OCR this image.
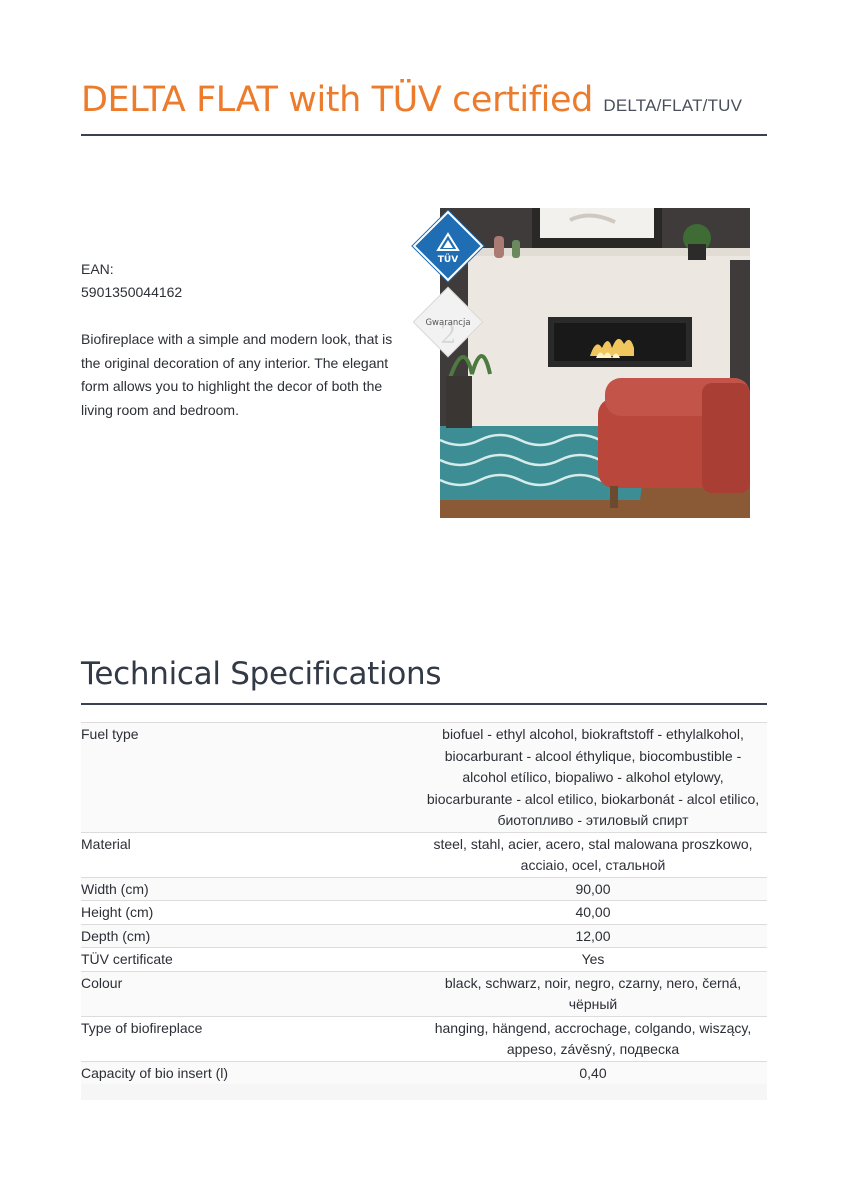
DELTA FLAT with TÜV certified DELTA/FLAT/TUV
EAN:
5901350044162
Biofireplace with a simple and modern look, that is the original decoration of any interior. The elegant form allows you to highlight the decor of both the living room and bedroom.
TÜV
2
Gwarancja
Technical Specifications
Fuel type	biofuel - ethyl alcohol, biokraftstoff - ethylalkohol, biocarburant - alcool éthylique, biocombustible - alcohol etílico, biopaliwo - alkohol etylowy, biocarburante - alcol etilico, biokarbonát - alcol etilico, биотопливо - этиловый спирт
Material	steel, stahl, acier, acero, stal malowana proszkowo, acciaio, ocel, стальной
Width (cm)	90,00
Height (cm)	40,00
Depth (cm)	12,00
TÜV certificate	Yes
Colour	black, schwarz, noir, negro, czarny, nero, černá, чёрный
Type of biofireplace	hanging, hängend, accrochage, colgando, wiszący, appeso, závěsný, подвеска
Capacity of bio insert (l)	0,40
